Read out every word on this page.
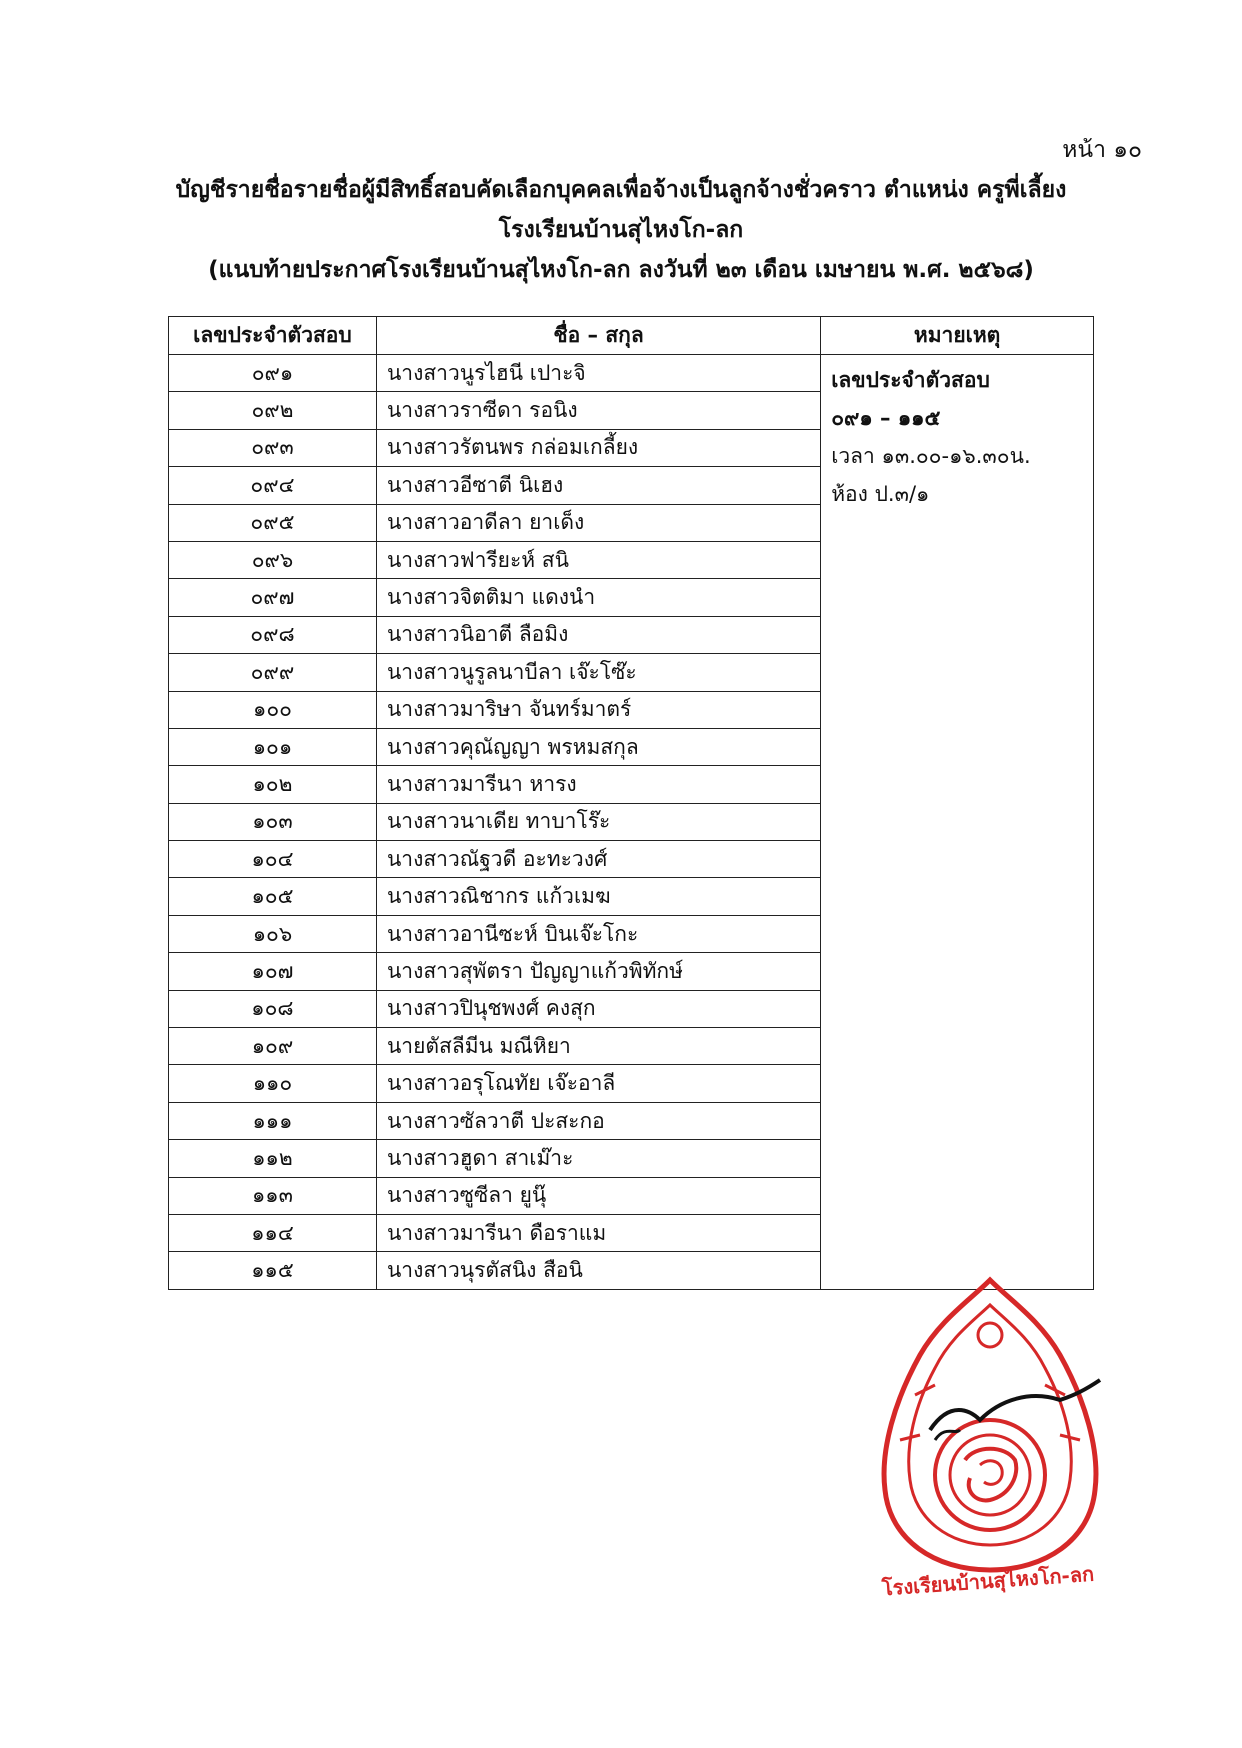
หน้า ๑๐
บัญชีรายชื่อรายชื่อผู้มีสิทธิ์สอบคัดเลือกบุคคลเพื่อจ้างเป็นลูกจ้างชั่วคราว ตำแหน่ง ครูพี่เลี้ยง
โรงเรียนบ้านสุไหงโก-ลก
(แนบท้ายประกาศโรงเรียนบ้านสุไหงโก-ลก ลงวันที่ ๒๓ เดือน เมษายน พ.ศ. ๒๕๖๘)
เลขประจำตัวสอบ	ชื่อ – สกุล	หมายเหตุ
๐๙๑	นางสาวนูรไฮนี เปาะจิ	เลขประจำตัวสอบ
๐๙๑ – ๑๑๕
เวลา ๑๓.๐๐-๑๖.๓๐น.
ห้อง ป.๓/๑

๐๙๒	นางสาวราซีดา รอนิง	
๐๙๓	นางสาวรัตนพร กล่อมเกลี้ยง	
๐๙๔	นางสาวอีซาตี นิเฮง	
๐๙๕	นางสาวอาดีลา ยาเด็ง	
๐๙๖	นางสาวฟารียะห์ สนิ	
๐๙๗	นางสาวจิตติมา แดงนำ	
๐๙๘	นางสาวนิอาตี ลือมิง	
๐๙๙	นางสาวนูรูลนาบีลา เจ๊ะโซ๊ะ	
๑๐๐	นางสาวมาริษา จันทร์มาตร์	
๑๐๑	นางสาวคุณัญญา พรหมสกุล	
๑๐๒	นางสาวมารีนา หารง	
๑๐๓	นางสาวนาเดีย ทาบาโร๊ะ	
๑๐๔	นางสาวณัฐวดี อะทะวงศ์	
๑๐๕	นางสาวณิชากร แก้วเมฆ	
๑๐๖	นางสาวอานีซะห์ บินเจ๊ะโกะ	
๑๐๗	นางสาวสุพัตรา ปัญญาแก้วพิทักษ์	
๑๐๘	นางสาวปินุชพงศ์ คงสุก	
๑๐๙	นายตัสลีมีน มณีหิยา	
๑๑๐	นางสาวอรุโณทัย เจ๊ะอาลี	
๑๑๑	นางสาวซัลวาตี ปะสะกอ	
๑๑๒	นางสาวฮูดา สาเม๊าะ	
๑๑๓	นางสาวซูซีลา ยูนุ๊	
๑๑๔	นางสาวมารีนา ดือราแม	
๑๑๕	นางสาวนุรตัสนิง สือนิ	
โรงเรียนบ้านสุไหงโก-ลก
